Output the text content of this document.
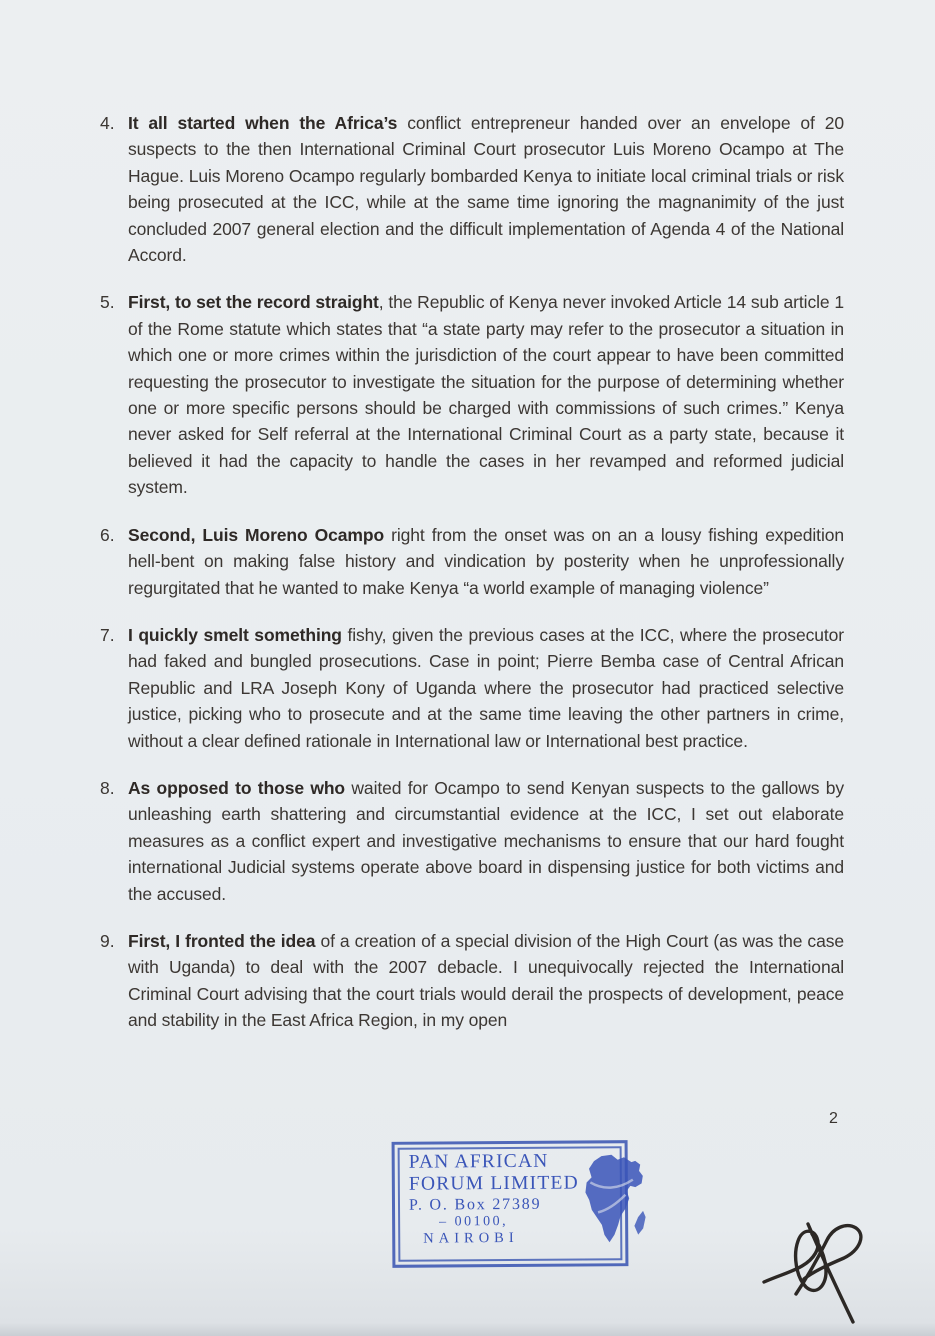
4. It all started when the Africa’s conflict entrepreneur handed over an envelope of 20 suspects to the then International Criminal Court prosecutor Luis Moreno Ocampo at The Hague. Luis Moreno Ocampo regularly bombarded Kenya to initiate local criminal trials or risk being prosecuted at the ICC, while at the same time ignoring the magnanimity of the just concluded 2007 general election and the difficult implementation of Agenda 4 of the National Accord.

5. First, to set the record straight, the Republic of Kenya never invoked Article 14 sub article 1 of the Rome statute which states that “a state party may refer to the prosecutor a situation in which one or more crimes within the jurisdiction of the court appear to have been committed requesting the prosecutor to investigate the situation for the purpose of determining whether one or more specific persons should be charged with commissions of such crimes.” Kenya never asked for Self referral at the International Criminal Court as a party state, because it believed it had the capacity to handle the cases in her revamped and reformed judicial system.

6. Second, Luis Moreno Ocampo right from the onset was on an a lousy fishing expedition hell-bent on making false history and vindication by posterity when he unprofessionally regurgitated that he wanted to make Kenya “a world example of managing violence”

7. I quickly smelt something fishy, given the previous cases at the ICC, where the prosecutor had faked and bungled prosecutions. Case in point; Pierre Bemba case of Central African Republic and LRA Joseph Kony of Uganda where the prosecutor had practiced selective justice, picking who to prosecute and at the same time leaving the other partners in crime, without a clear defined rationale in International law or International best practice.

8. As opposed to those who waited for Ocampo to send Kenyan suspects to the gallows by unleashing earth shattering and circumstantial evidence at the ICC, I set out elaborate measures as a conflict expert and investigative mechanisms to ensure that our hard fought international Judicial systems operate above board in dispensing justice for both victims and the accused.

9. First, I fronted the idea of a creation of a special division of the High Court (as was the case with Uganda) to deal with the 2007 debacle. I unequivocally rejected the International Criminal Court advising that the court trials would derail the prospects of development, peace and stability in the East Africa Region, in my open

2
PAN AFRICAN
FORUM LIMITED
P. O. Box 27389
– 00100,
NAIROBI
